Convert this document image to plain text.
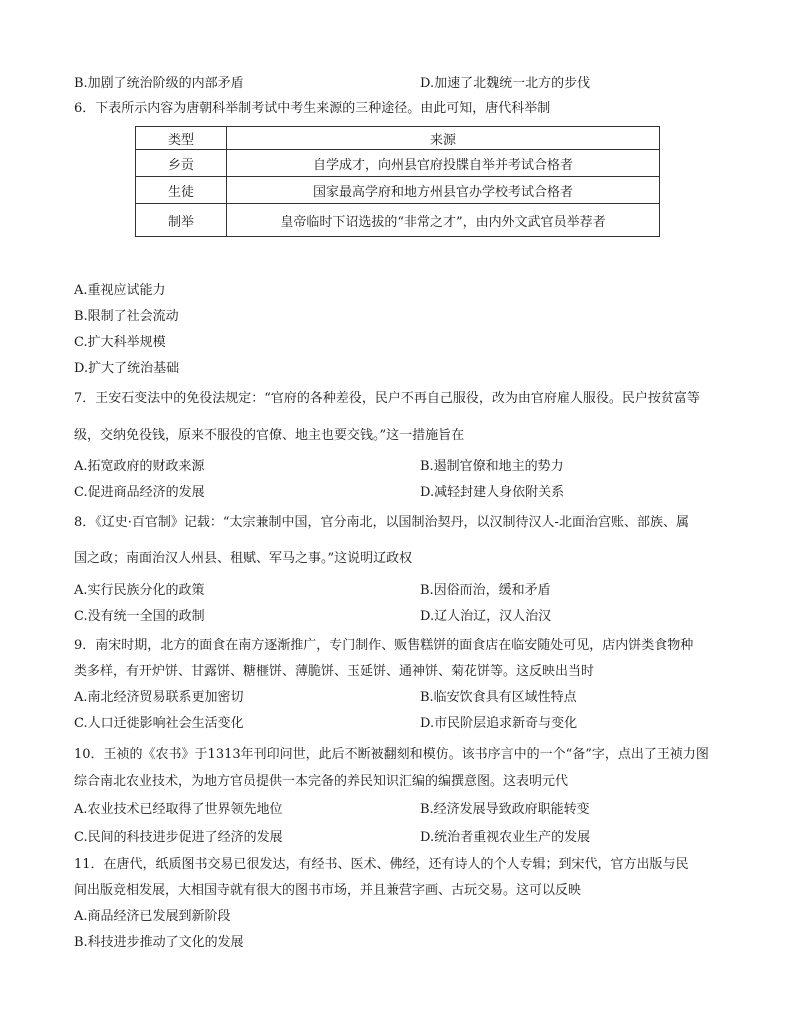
B.加剧了统治阶级的内部矛盾	D.加速了北魏统一北方的步伐
6．下表所示内容为唐朝科举制考试中考生来源的三种途径。由此可知，唐代科举制
类型	来源
乡贡	自学成才，向州县官府投牒自举并考试合格者
生徒	国家最高学府和地方州县官办学校考试合格者
制举	皇帝临时下诏选拔的“非常之才”，由内外文武官员举荐者
A.重视应试能力
B.限制了社会流动
C.扩大科举规模
D.扩大了统治基础
7．王安石变法中的免役法规定：“官府的各种差役，民户不再自己服役，改为由官府雇人服役。民户按贫富等
级，交纳免役钱，原来不服役的官僚、地主也要交钱。”这一措施旨在
A.拓宽政府的财政来源	B.遏制官僚和地主的势力
C.促进商品经济的发展	D.减轻封建人身依附关系
8．《辽史·百官制》记载：“太宗兼制中国，官分南北，以国制治契丹，以汉制待汉人-北面治宫账、部族、属
国之政；南面治汉人州县、租赋、军马之事。”这说明辽政权
A.实行民族分化的政策	B.因俗而治，缓和矛盾
C.没有统一全国的政制	D.辽人治辽，汉人治汉
9．南宋时期，北方的面食在南方逐渐推广，专门制作、贩售糕饼的面食店在临安随处可见，店内饼类食物种
类多样，有开炉饼、甘露饼、糖榧饼、薄脆饼、玉延饼、通神饼、菊花饼等。这反映出当时
A.南北经济贸易联系更加密切	B.临安饮食具有区域性特点
C.人口迁徙影响社会生活变化	D.市民阶层追求新奇与变化
10．王祯的《农书》于1313年刊印问世，此后不断被翻刻和模仿。该书序言中的一个“备”字，点出了王祯力图
综合南北农业技术，为地方官员提供一本完备的养民知识汇编的编撰意图。这表明元代
A.农业技术已经取得了世界领先地位	B.经济发展导致政府职能转变
C.民间的科技进步促进了经济的发展	D.统治者重视农业生产的发展
11．在唐代，纸质图书交易已很发达，有经书、医术、佛经，还有诗人的个人专辑；到宋代，官方出版与民
间出版竞相发展，大相国寺就有很大的图书市场，并且兼营字画、古玩交易。这可以反映
A.商品经济已发展到新阶段
B.科技进步推动了文化的发展
